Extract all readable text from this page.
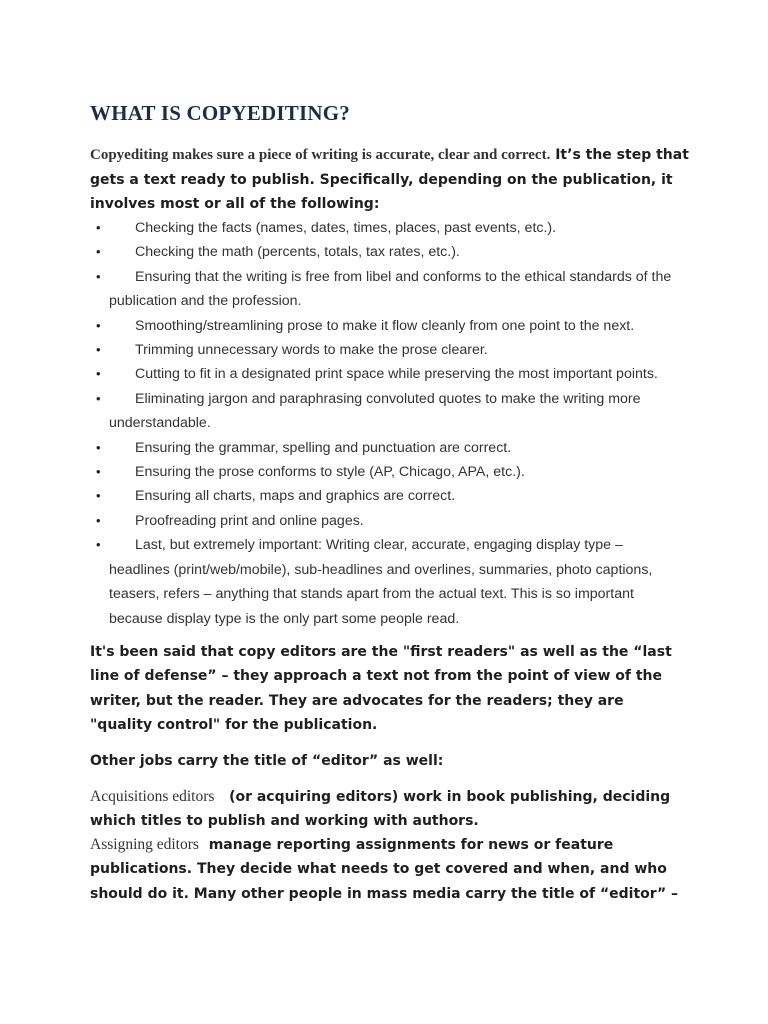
WHAT IS COPYEDITING?

Copyediting makes sure a piece of writing is accurate, clear and correct. It’s the step that gets a text ready to publish. Specifically, depending on the publication, it involves most or all of the following:

• Checking the facts (names, dates, times, places, past events, etc.).
• Checking the math (percents, totals, tax rates, etc.).
• Ensuring that the writing is free from libel and conforms to the ethical standards of the publication and the profession.
• Smoothing/streamlining prose to make it flow cleanly from one point to the next.
• Trimming unnecessary words to make the prose clearer.
• Cutting to fit in a designated print space while preserving the most important points.
• Eliminating jargon and paraphrasing convoluted quotes to make the writing more understandable.
• Ensuring the grammar, spelling and punctuation are correct.
• Ensuring the prose conforms to style (AP, Chicago, APA, etc.).
• Ensuring all charts, maps and graphics are correct.
• Proofreading print and online pages.
• Last, but extremely important: Writing clear, accurate, engaging display type – headlines (print/web/mobile), sub-headlines and overlines, summaries, photo captions, teasers, refers – anything that stands apart from the actual text. This is so important because display type is the only part some people read.

It's been said that copy editors are the "first readers" as well as the “last line of defense” – they approach a text not from the point of view of the writer, but the reader. They are advocates for the readers; they are "quality control" for the publication.

Other jobs carry the title of “editor” as well:

Acquisitions editors (or acquiring editors) work in book publishing, deciding which titles to publish and working with authors.

Assigning editors manage reporting assignments for news or feature publications. They decide what needs to get covered and when, and who should do it. Many other people in mass media carry the title of “editor” –
